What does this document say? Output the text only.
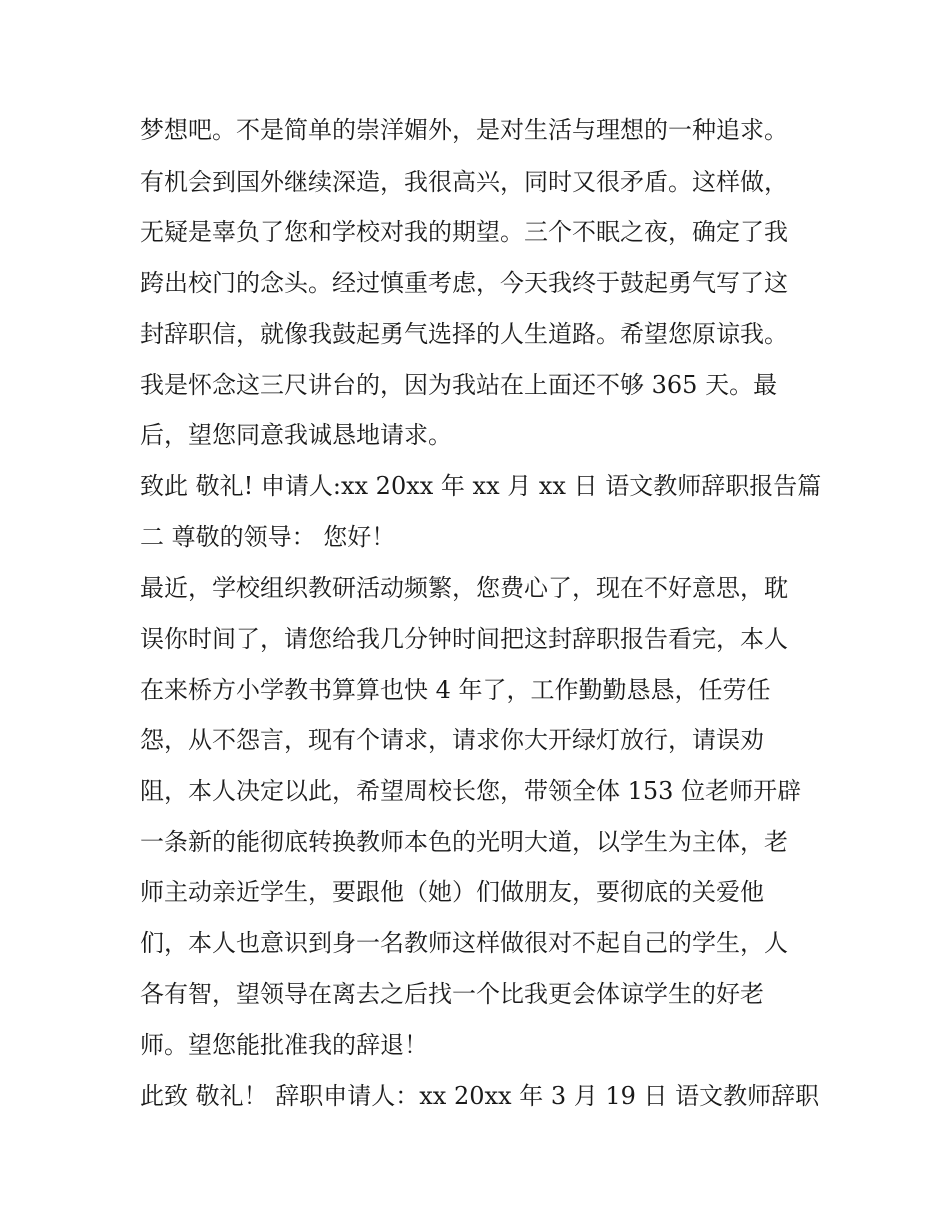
梦想吧。不是简单的崇洋媚外，是对生活与理想的一种追求。
有机会到国外继续深造，我很高兴，同时又很矛盾。这样做，
无疑是辜负了您和学校对我的期望。三个不眠之夜，确定了我
跨出校门的念头。经过慎重考虑，今天我终于鼓起勇气写了这
封辞职信，就像我鼓起勇气选择的人生道路。希望您原谅我。
我是怀念这三尺讲台的，因为我站在上面还不够 365 天。最
后，望您同意我诚恳地请求。
致此 敬礼! 申请人:xx 20xx 年 xx 月 xx 日 语文教师辞职报告篇
二 尊敬的领导： 您好！
最近，学校组织教研活动频繁，您费心了，现在不好意思，耽
误你时间了，请您给我几分钟时间把这封辞职报告看完，本人
在来桥方小学教书算算也快 4 年了，工作勤勤恳恳，任劳任
怨，从不怨言，现有个请求，请求你大开绿灯放行，请误劝
阻，本人决定以此，希望周校长您，带领全体 153 位老师开辟
一条新的能彻底转换教师本色的光明大道，以学生为主体，老
师主动亲近学生，要跟他（她）们做朋友，要彻底的关爱他
们，本人也意识到身一名教师这样做很对不起自己的学生，人
各有智，望领导在离去之后找一个比我更会体谅学生的好老
师。望您能批准我的辞退！
此致 敬礼！ 辞职申请人：xx 20xx 年 3 月 19 日 语文教师辞职
